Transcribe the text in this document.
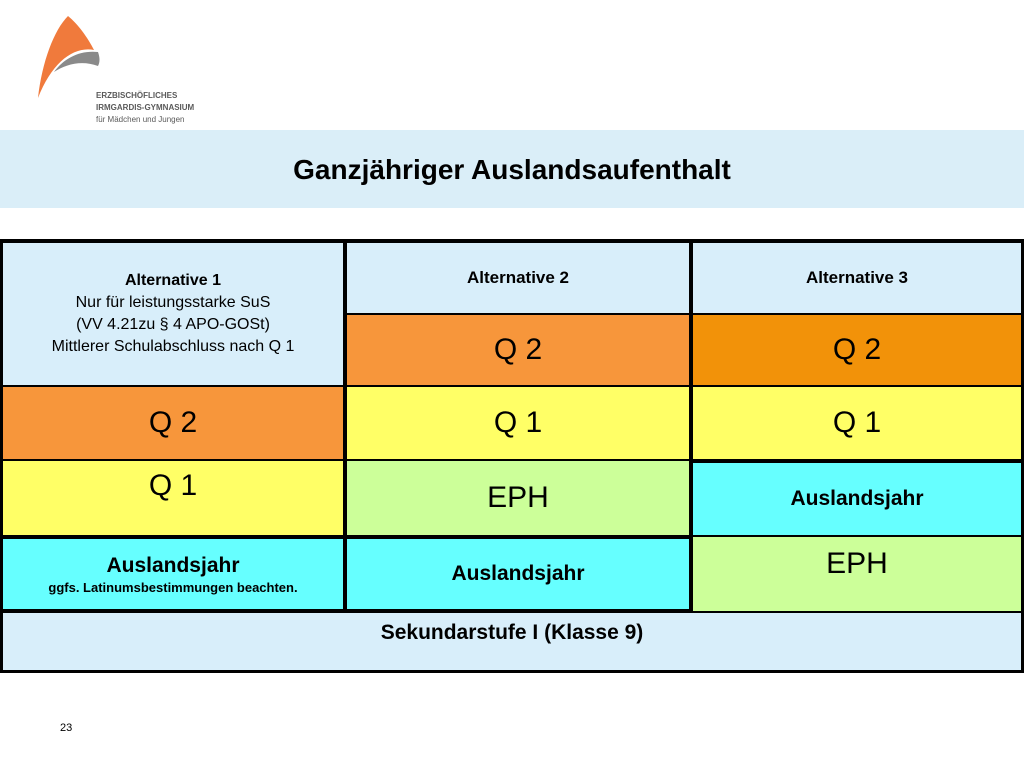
ERZBISCHÖFLICHES
IRMGARDIS-GYMNASIUM
für Mädchen und Jungen
Ganzjähriger Auslandsaufenthalt
Alternative 1
Nur für leistungsstarke SuS
(VV 4.21zu § 4 APO-GOSt)
Mittlerer Schulabschluss nach Q 1
Q 2
Q 1
Auslandsjahr
ggfs. Latinumsbestimmungen beachten.
Alternative 2
Q 2
Q 1
EPH
Auslandsjahr
Alternative 3
Q 2
Q 1
Auslandsjahr
EPH
Sekundarstufe I (Klasse 9)
23
